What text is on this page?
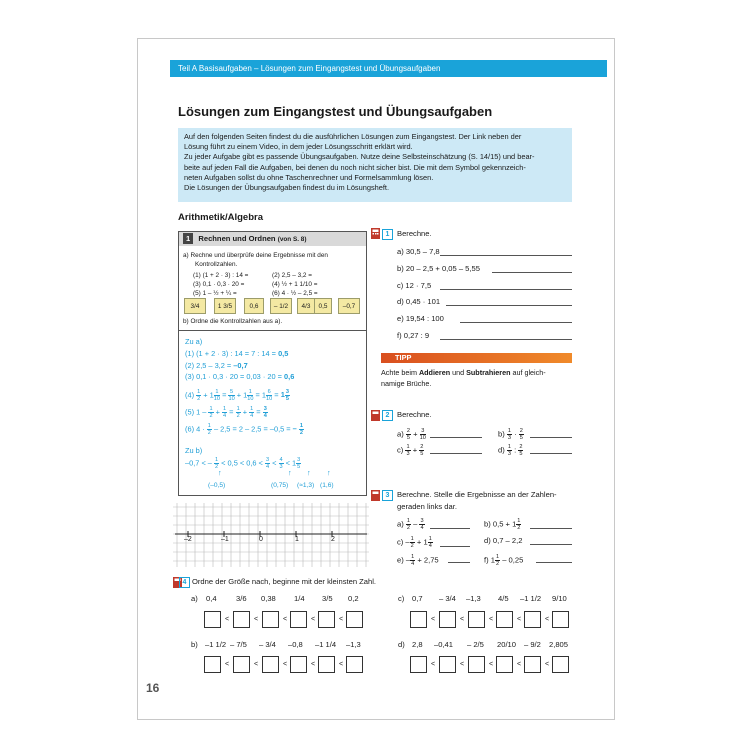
Teil A Basisaufgaben – Lösungen zum Eingangstest und Übungsaufgaben
Lösungen zum Eingangstest und Übungsaufgaben

Auf den folgenden Seiten findest du die ausführlichen Lösungen zum Eingangstest. Der Link neben der

Lösung führt zu einem Video, in dem jeder Lösungsschritt erklärt wird.

Zu jeder Aufgabe gibt es passende Übungsaufgaben. Nutze deine Selbsteinschätzung (S. 14/15) und bear-

beite auf jeden Fall die Aufgaben, bei denen du noch nicht sicher bist. Die mit dem Symbol gekennzeich-

neten Aufgaben sollst du ohne Taschenrechner und Formelsammlung lösen.

Die Lösungen der Übungsaufgaben findest du im Lösungsheft.

Arithmetik/Algebra
1 Rechnen und Ordnen (von S. 8)
a) Rechne und überprüfe deine Ergebnisse mit den
Kontrollzahlen.
(1) (1 + 2 · 3) : 14 =	(2) 2,5 – 3,2 =
(3) 0,1 · 0,3 · 20 =	(4) ½ + 1 1/10 =
(5) 1 – ½ + ¼ =	(6) 4 · ½ – 2,5 =
3/4	1 3/5	0,6	– 1/2	4/3	0,5	–0,7
b) Ordne die Kontrollzahlen aus a).
Zu a)
(1) (1 + 2 · 3) : 14 = 7 : 14 = 0,5
(2) 2,5 – 3,2 = –0,7
(3) 0,1 · 0,3 · 20 = 0,03 · 20 = 0,6
$(4) \frac{1}{2} + 1 \frac{1}{10} = \frac{5}{10} + 1 \frac{1}{10} = 1 \frac{6}{10} = 1 \frac{3}{5}$
(5) $1 - \frac{1}{2} + \frac{1}{4} = \frac{1}{2} + \frac{1}{4} = \frac{3}{4}$
(6) $4 \cdot \frac{1}{2} - 2,5 = 2 - 2,5 = -0,5$ = – $\frac{1}{2}$
Zu b)
–0,7 < – $\frac{1}{2} < 0,5 < 0,6 < \frac{3}{4} < \frac{4}{3} < 1 \frac{3}{5}$
↑	↑ ↑ ↑
(–0,5)	(0,75) (≈1,3) (1,6)
–2	–1	0	1	2
1 Berechne.
a) 30,5 – 7,8
b) 20 – 2,5 + 0,05 – 5,55
c) 12 · 7,5
d) 0,45 · 101
e) 19,54 : 100
f) 0,27 : 9
TIPP
Achte beim Addieren und Subtrahieren auf gleich-
namige Brüche.
2 Berechne.
$a) \frac{2}{5} + \frac{3}{10}$	$b) \frac{1}{3} \cdot \frac{2}{5}$
$c) \frac{1}{3} + \frac{2}{5}$	$d) \frac{1}{3}$ : $\frac{2}{5}$
3 Berechne. Stelle die Ergebnisse an der Zahlen-
geraden links dar.
$a) \frac{1}{2} - \frac{3}{4}$	b) $0,5 + 1 \frac{1}{2}$
$c) - \frac{1}{2} + 1 \frac{1}{4}$	d) 0,7 – 2,2
$e) - \frac{1}{4} + 2,75$	f) $1 \frac{1}{2} - 0,25$
4 Ordne der Größe nach, beginne mit der kleinsten Zahl.
a) 0,4	3/6 0,38 1/4 3/5 0,2
<	<	<	<	<
b) –1 1/2 – 7/5 – 3/4 –0,8 –1 1/4 –1,3
<	<	<	<	<
c) 0,7 – 3/4 –1,3 4/5 –1 1/2 9/10
<	<	<	<	<
d) 2,8 –0,41 – 2/5 20/10 – 9/2 2,805
<	<	<	<	<
16
